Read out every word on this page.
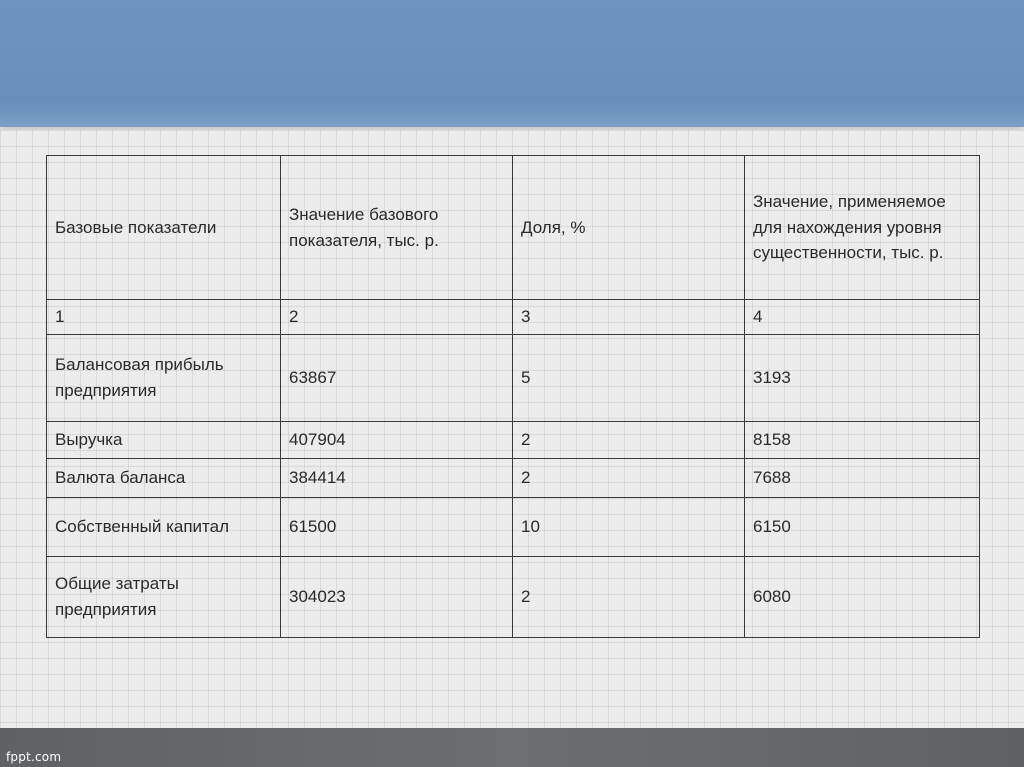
Базовые показатели	Значение базового показателя, тыс. р.	Доля, %	Значение, применяемое для нахождения уровня существенности, тыс. р.
1	2	3	4
Балансовая прибыль предприятия	63867	5	3193
Выручка	407904	2	8158
Валюта баланса	384414	2	7688
Собственный капитал	61500	10	6150
Общие затраты предприятия	304023	2	6080
fppt.com
